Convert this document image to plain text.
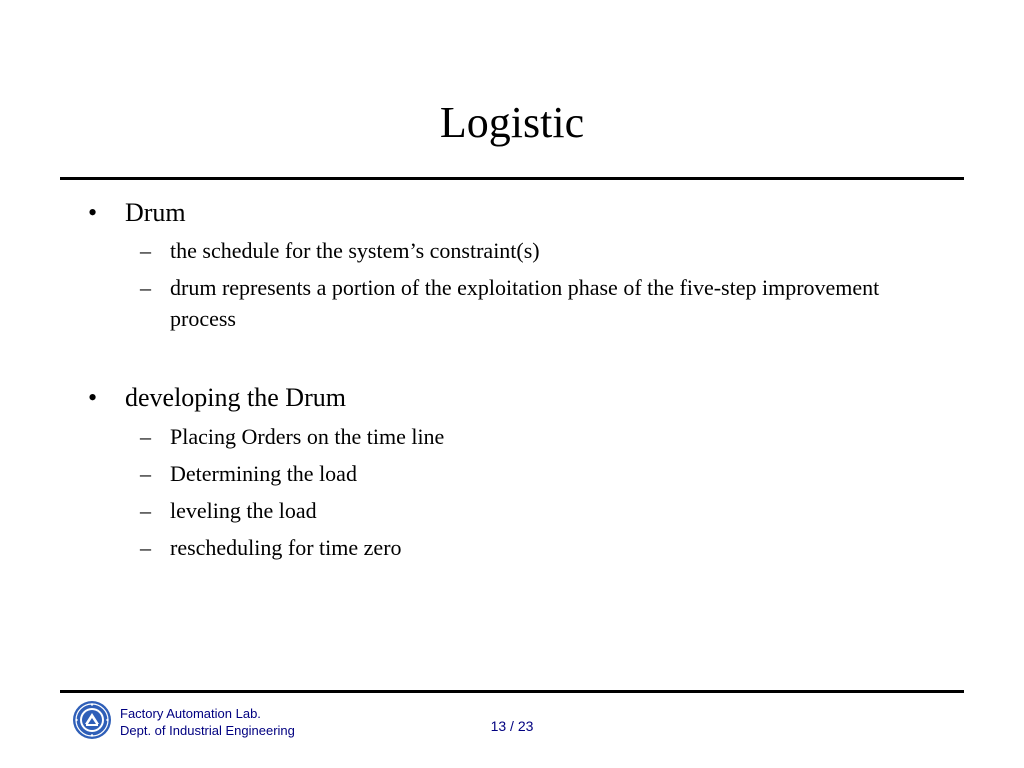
Logistic
• Drum
– the schedule for the system’s constraint(s)
– drum represents a portion of the exploitation phase of the five-step improvement process
• developing the Drum
– Placing Orders on the time line
– Determining the load
– leveling the load
– rescheduling for time zero
Factory Automation Lab.
Dept. of Industrial Engineering	13 / 23
